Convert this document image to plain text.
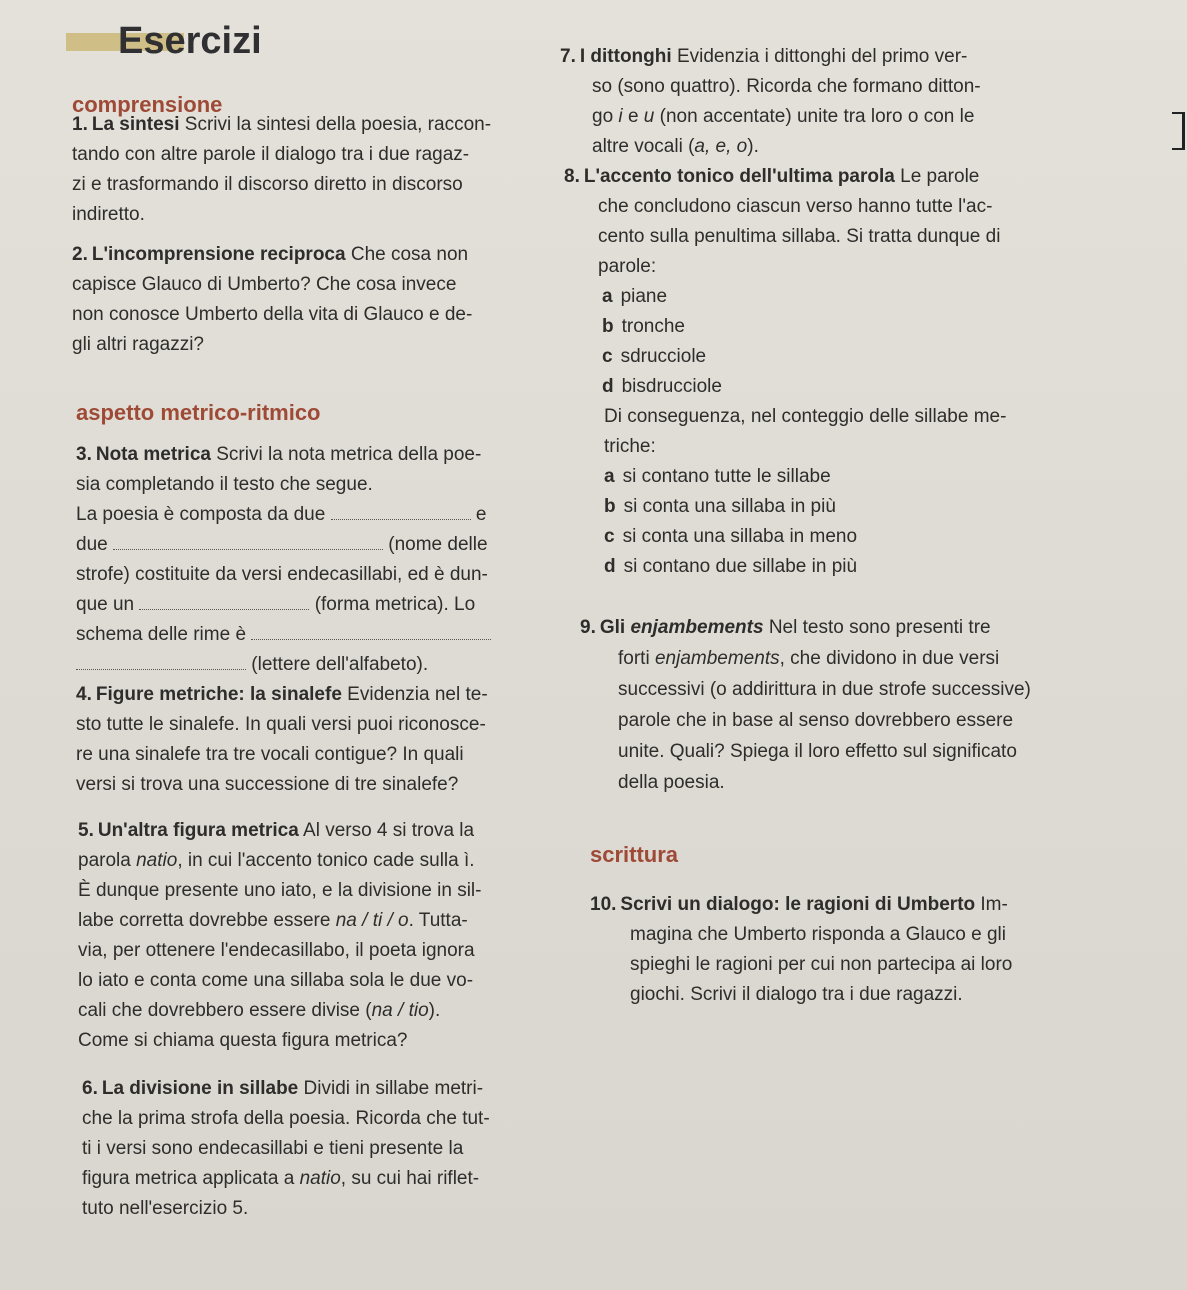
Esercizi
comprensione

1. La sintesi Scrivi la sintesi della poesia, raccon-

tando con altre parole il dialogo tra i due ragaz-

zi e trasformando il discorso diretto in discorso

indiretto.

2. L'incomprensione reciproca Che cosa non

capisce Glauco di Umberto? Che cosa invece

non conosce Umberto della vita di Glauco e de-

gli altri ragazzi?

aspetto metrico-ritmico

3. Nota metrica Scrivi la nota metrica della poe-

sia completando il testo che segue.

La poesia è composta da due	e

due	(nome delle

strofe) costituite da versi endecasillabi, ed è dun-

que un	(forma metrica). Lo

schema delle rime è

(lettere dell'alfabeto).

4. Figure metriche: la sinalefe Evidenzia nel te-

sto tutte le sinalefe. In quali versi puoi riconosce-

re una sinalefe tra tre vocali contigue? In quali

versi si trova una successione di tre sinalefe?

5. Un'altra figura metrica Al verso 4 si trova la

parola natio, in cui l'accento tonico cade sulla ì.

È dunque presente uno iato, e la divisione in sil-

labe corretta dovrebbe essere na / ti / o. Tutta-

via, per ottenere l'endecasillabo, il poeta ignora

lo iato e conta come una sillaba sola le due vo-

cali che dovrebbero essere divise (na / tio).

Come si chiama questa figura metrica?

6. La divisione in sillabe Dividi in sillabe metri-

che la prima strofa della poesia. Ricorda che tut-

ti i versi sono endecasillabi e tieni presente la

figura metrica applicata a natio, su cui hai riflet-

tuto nell'esercizio 5.

7. I dittonghi Evidenzia i dittonghi del primo ver-

so (sono quattro). Ricorda che formano ditton-

go i e u (non accentate) unite tra loro o con le

altre vocali (a, e, o).

8. L'accento tonico dell'ultima parola Le parole

che concludono ciascun verso hanno tutte l'ac-

cento sulla penultima sillaba. Si tratta dunque di

parole:

a piane

b tronche

c sdrucciole

d bisdrucciole

Di conseguenza, nel conteggio delle sillabe me-

triche:

a si contano tutte le sillabe

b si conta una sillaba in più

c si conta una sillaba in meno

d si contano due sillabe in più

9. Gli enjambements Nel testo sono presenti tre

forti enjambements, che dividono in due versi

successivi (o addirittura in due strofe successive)

parole che in base al senso dovrebbero essere

unite. Quali? Spiega il loro effetto sul significato

della poesia.

scrittura

10. Scrivi un dialogo: le ragioni di Umberto Im-

magina che Umberto risponda a Glauco e gli

spieghi le ragioni per cui non partecipa ai loro

giochi. Scrivi il dialogo tra i due ragazzi.
